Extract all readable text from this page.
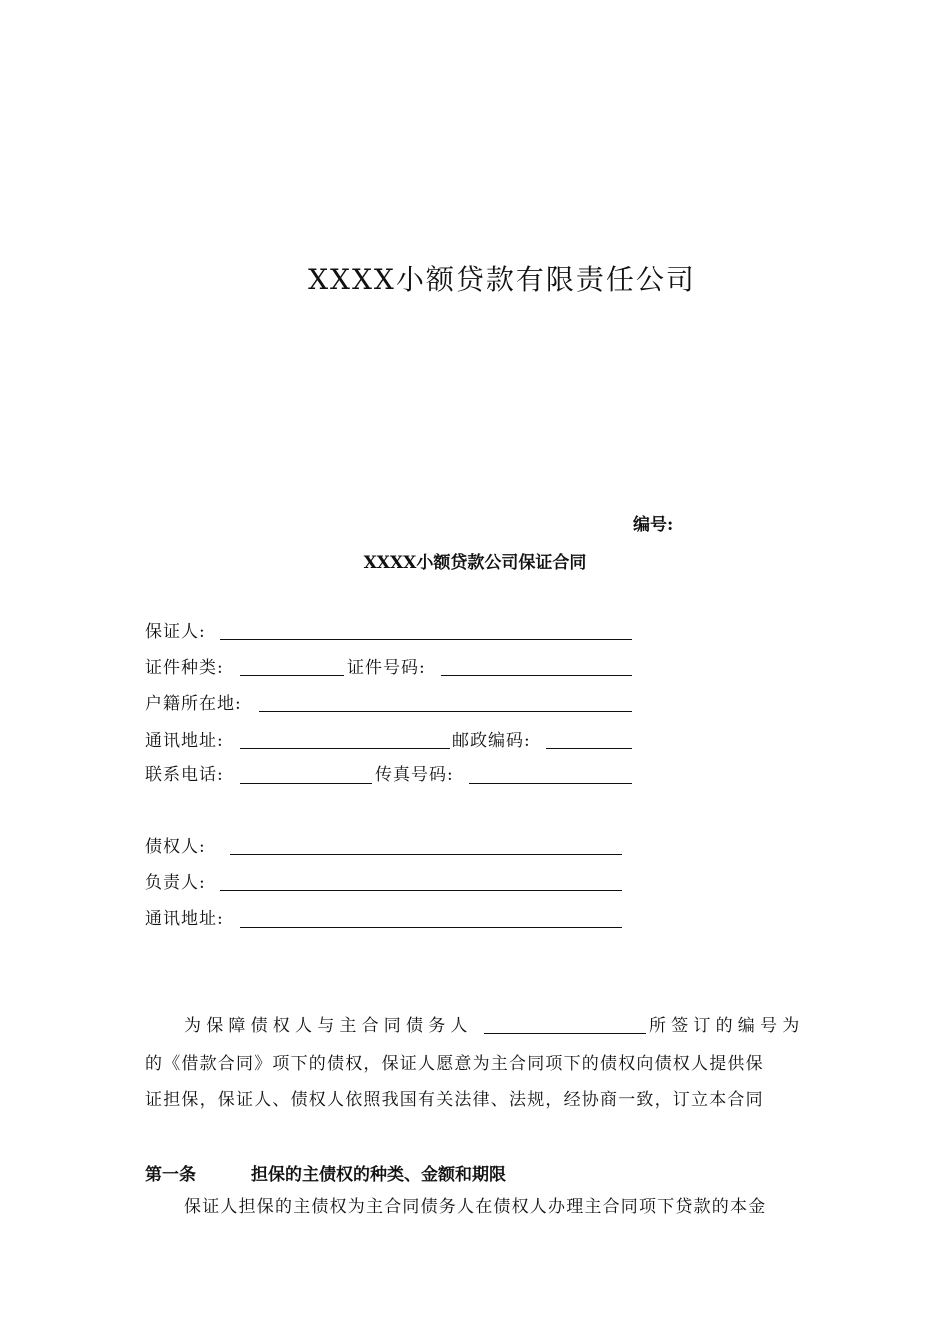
XXXX小额贷款有限责任公司
编号:
XXXX小额贷款公司保证合同
保证人:
证件种类:	证件号码:
户籍所在地:
通讯地址:	邮政编码:
联系电话:	传真号码:
债权人:
负责人:
通讯地址:
为保障债权人与主合同债务人	所签订的编号为
的《借款合同》项下的债权，保证人愿意为主合同项下的债权向债权人提供保
证担保，保证人、债权人依照我国有关法律、法规，经协商一致，订立本合同
第一条	担保的主债权的种类、金额和期限
保证人担保的主债权为主合同债务人在债权人办理主合同项下贷款的本金
